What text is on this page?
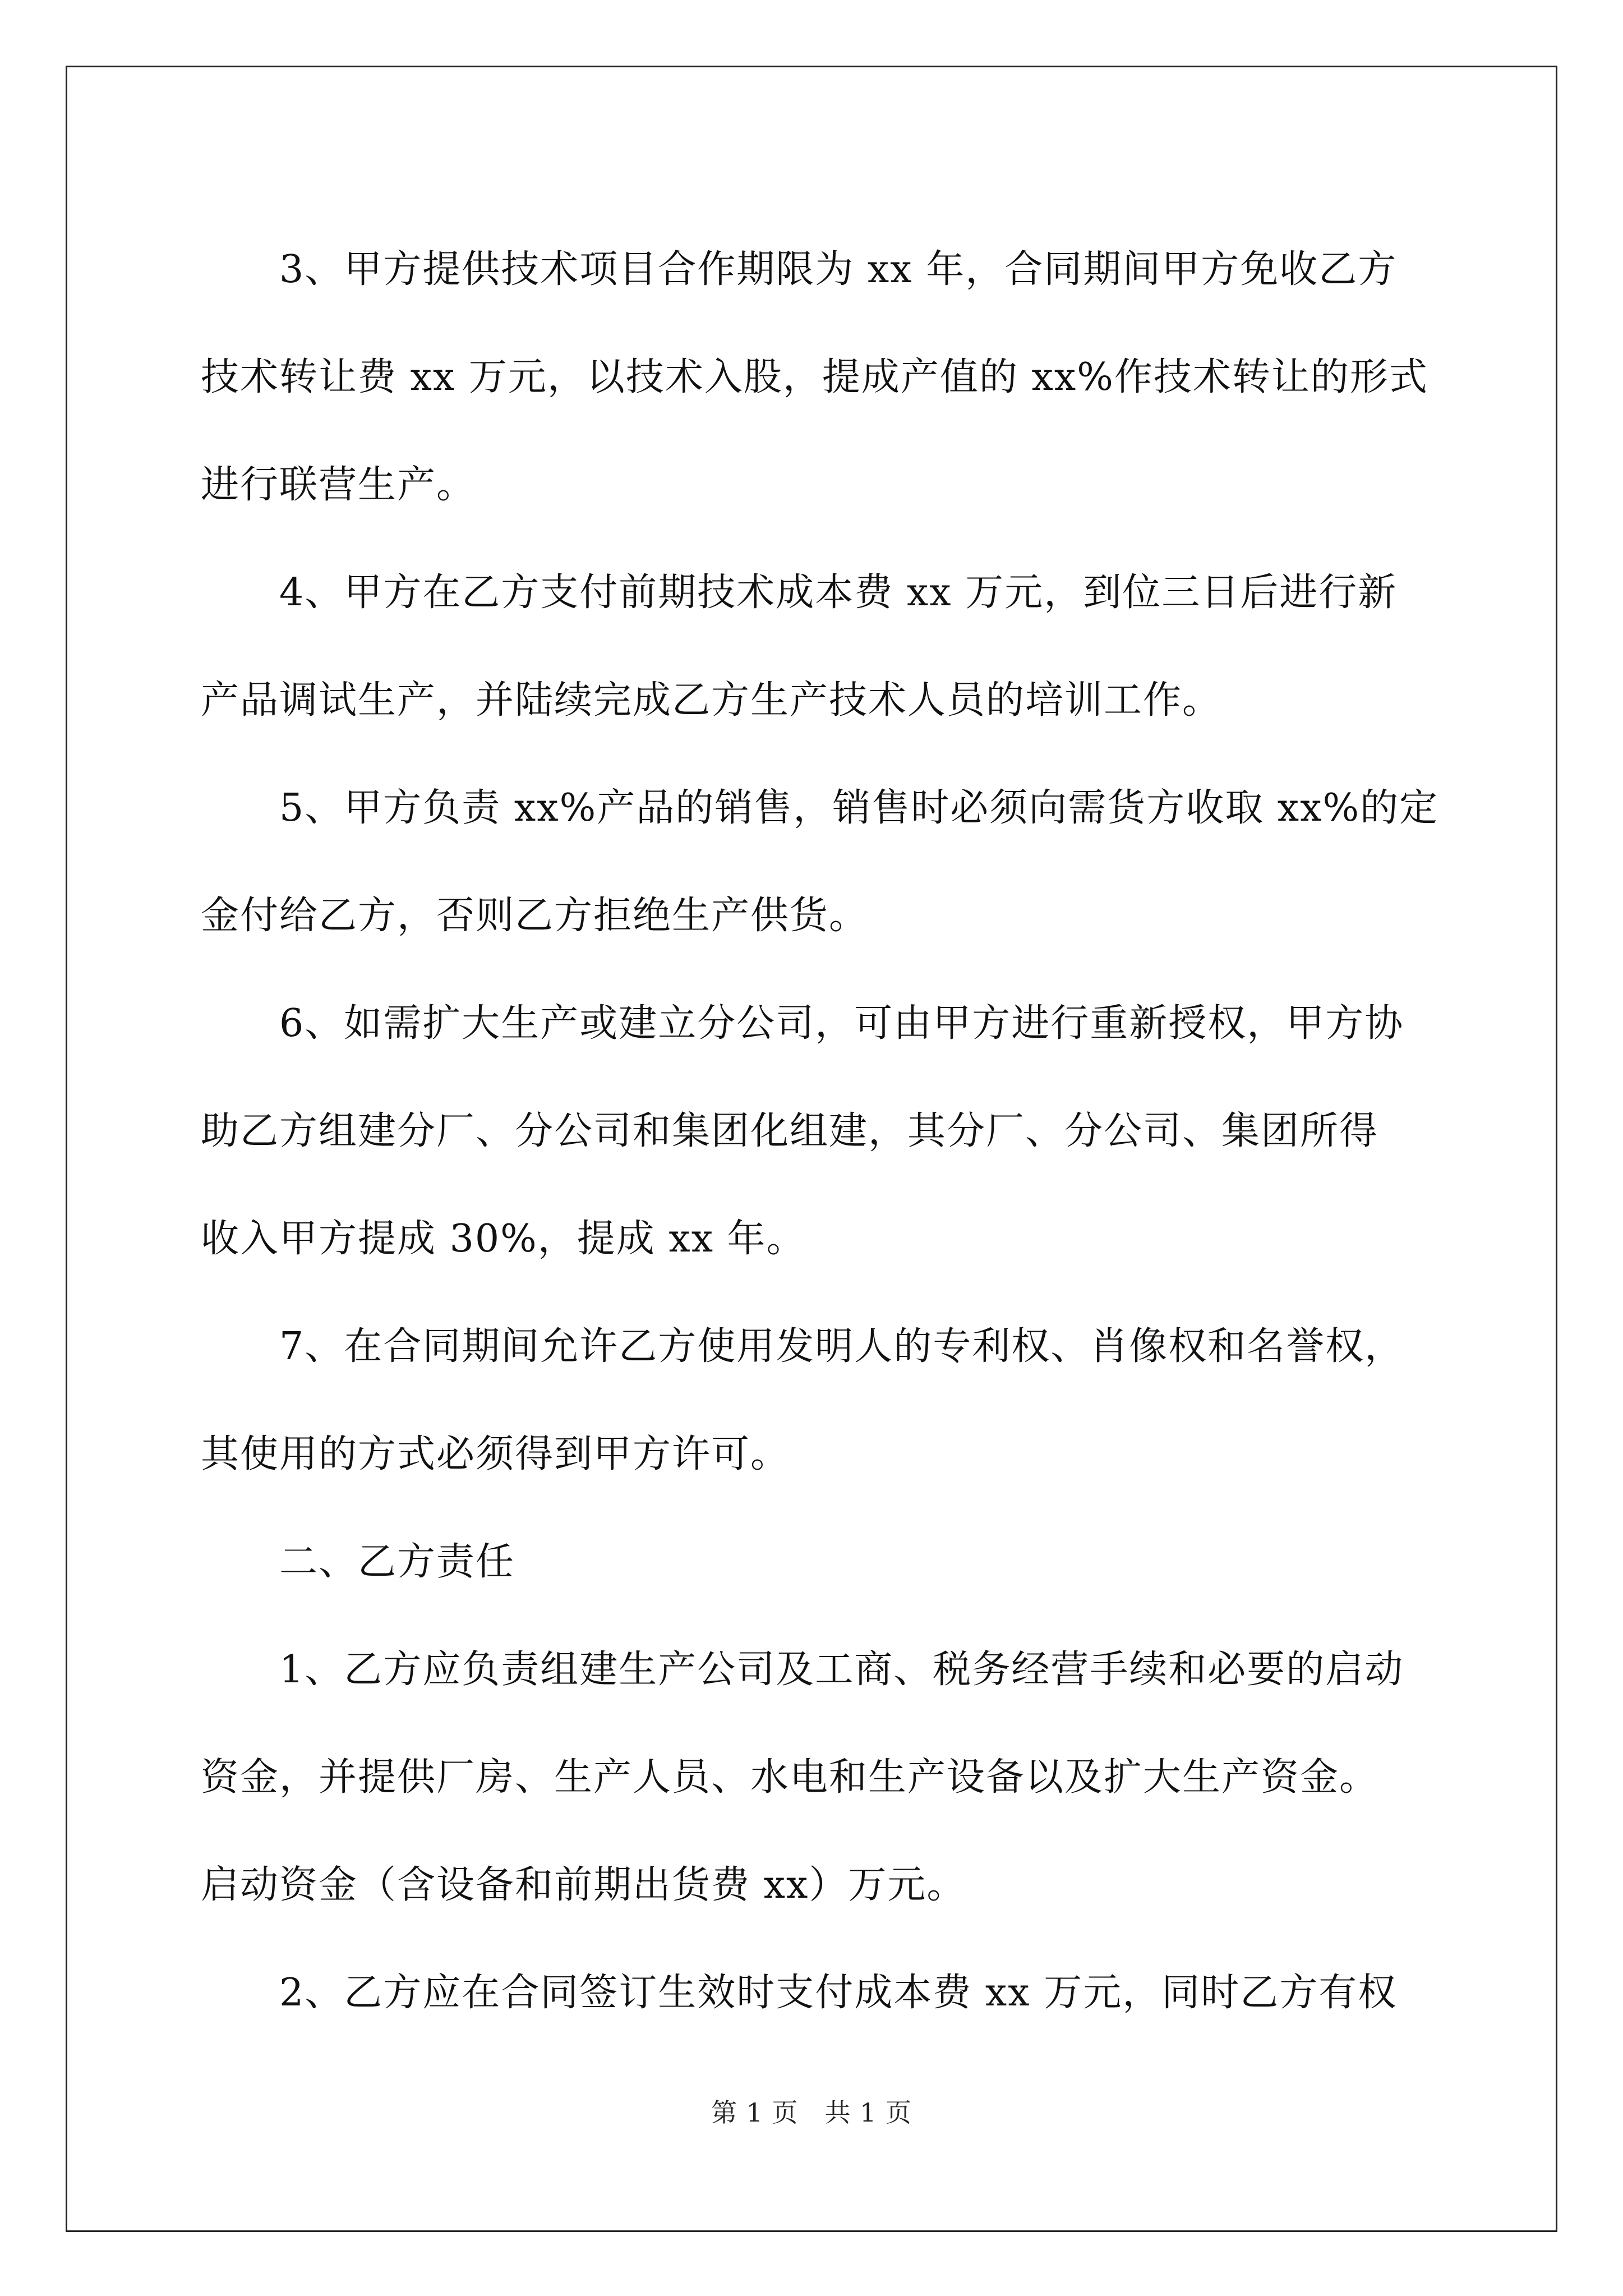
3、甲方提供技术项目合作期限为 xx 年，合同期间甲方免收乙方
技术转让费 xx 万元，以技术入股，提成产值的 xx%作技术转让的形式
进行联营生产。

4、甲方在乙方支付前期技术成本费 xx 万元，到位三日后进行新
产品调试生产，并陆续完成乙方生产技术人员的培训工作。

5、甲方负责 xx%产品的销售，销售时必须向需货方收取 xx%的定
金付给乙方，否则乙方拒绝生产供货。

6、如需扩大生产或建立分公司，可由甲方进行重新授权，甲方协
助乙方组建分厂、分公司和集团化组建，其分厂、分公司、集团所得
收入甲方提成 30%，提成 xx 年。

7、在合同期间允许乙方使用发明人的专利权、肖像权和名誉权，
其使用的方式必须得到甲方许可。

二、乙方责任

1、乙方应负责组建生产公司及工商、税务经营手续和必要的启动
资金，并提供厂房、生产人员、水电和生产设备以及扩大生产资金。
启动资金（含设备和前期出货费 xx）万元。

2、乙方应在合同签订生效时支付成本费 xx 万元，同时乙方有权

第 1 页　共 1 页
